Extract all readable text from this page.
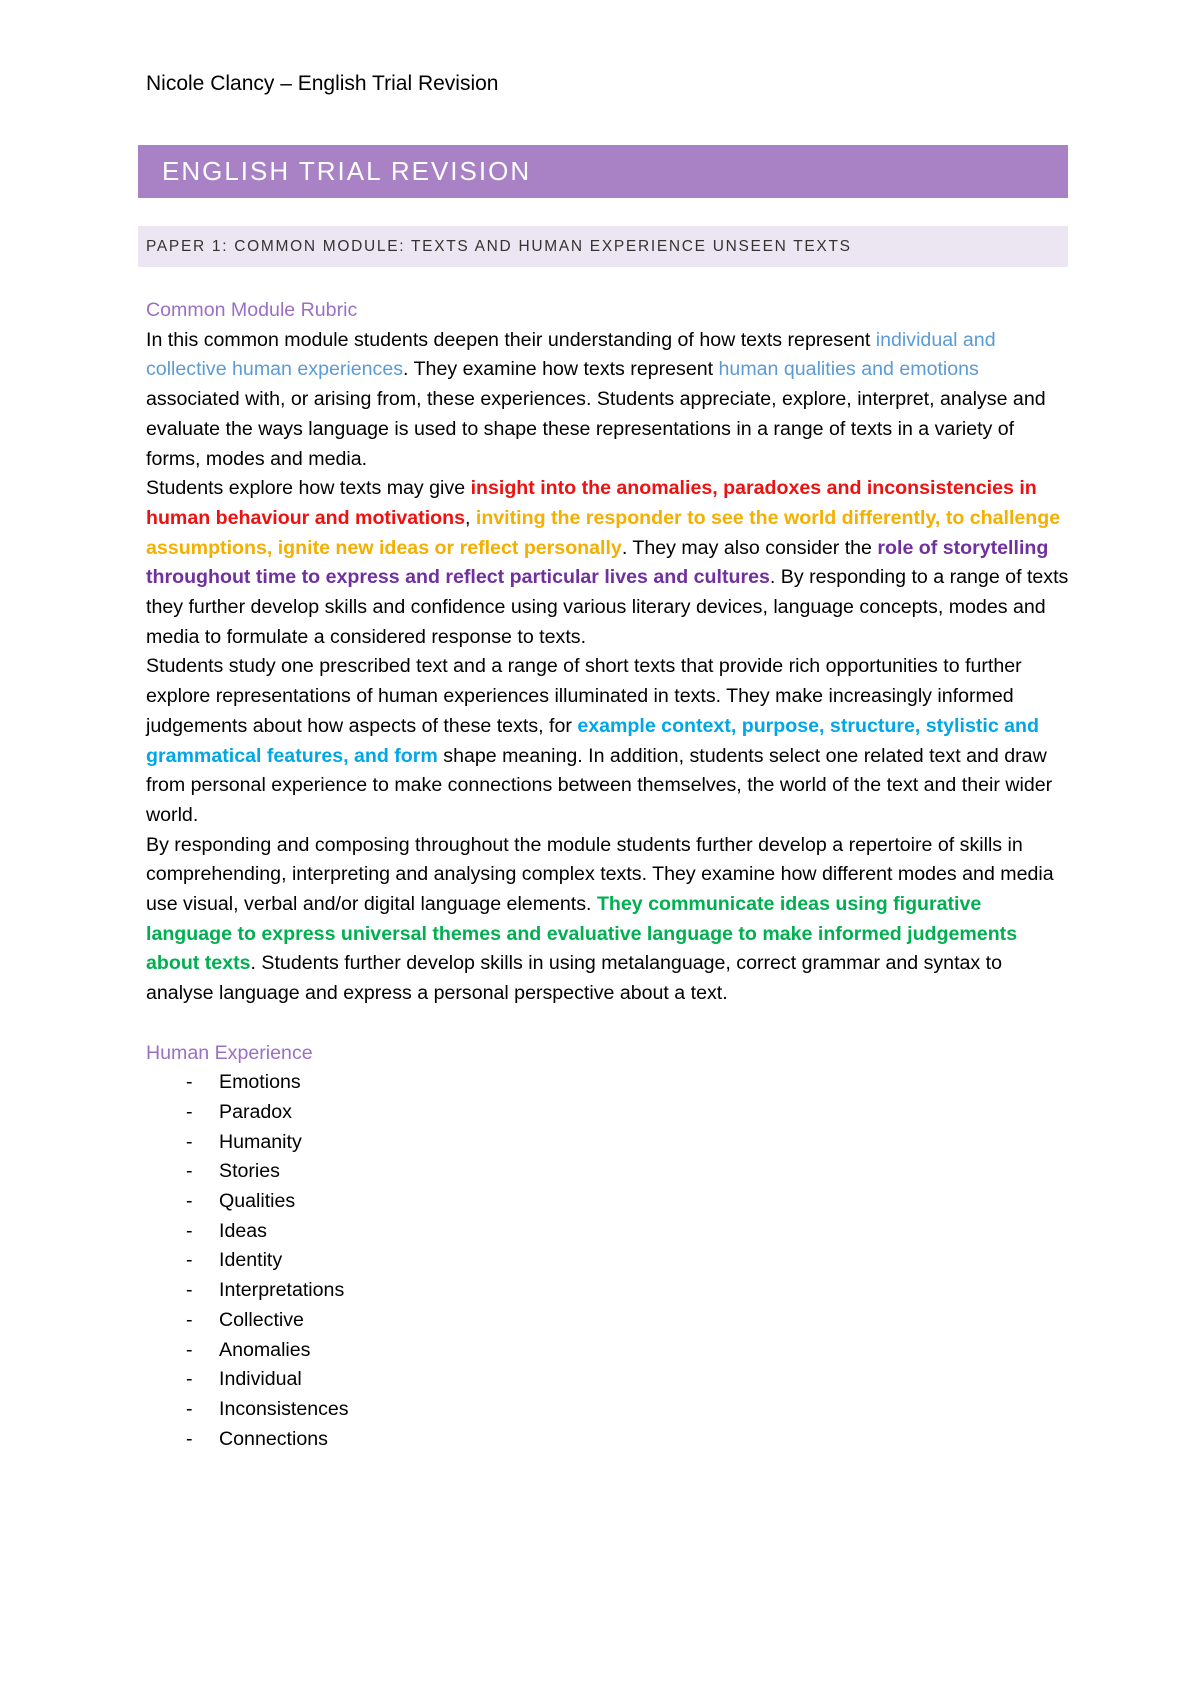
Nicole Clancy – English Trial Revision
ENGLISH TRIAL REVISION
PAPER 1: COMMON MODULE: TEXTS AND HUMAN EXPERIENCE UNSEEN TEXTS

Common Module Rubric

In this common module students deepen their understanding of how texts represent individual and collective human experiences. They examine how texts represent human qualities and emotions associated with, or arising from, these experiences. Students appreciate, explore, interpret, analyse and evaluate the ways language is used to shape these representations in a range of texts in a variety of forms, modes and media.

Students explore how texts may give insight into the anomalies, paradoxes and inconsistencies in human behaviour and motivations, inviting the responder to see the world differently, to challenge assumptions, ignite new ideas or reflect personally. They may also consider the role of storytelling throughout time to express and reflect particular lives and cultures. By responding to a range of texts they further develop skills and confidence using various literary devices, language concepts, modes and media to formulate a considered response to texts.

Students study one prescribed text and a range of short texts that provide rich opportunities to further explore representations of human experiences illuminated in texts. They make increasingly informed judgements about how aspects of these texts, for example context, purpose, structure, stylistic and grammatical features, and form shape meaning. In addition, students select one related text and draw from personal experience to make connections between themselves, the world of the text and their wider world.

By responding and composing throughout the module students further develop a repertoire of skills in comprehending, interpreting and analysing complex texts. They examine how different modes and media use visual, verbal and/or digital language elements. They communicate ideas using figurative language to express universal themes and evaluative language to make informed judgements about texts. Students further develop skills in using metalanguage, correct grammar and syntax to analyse language and express a personal perspective about a text.

Human Experience

- Emotions
- Paradox
- Humanity
- Stories
- Qualities
- Ideas
- Identity
- Interpretations
- Collective
- Anomalies
- Individual
- Inconsistences
- Connections
